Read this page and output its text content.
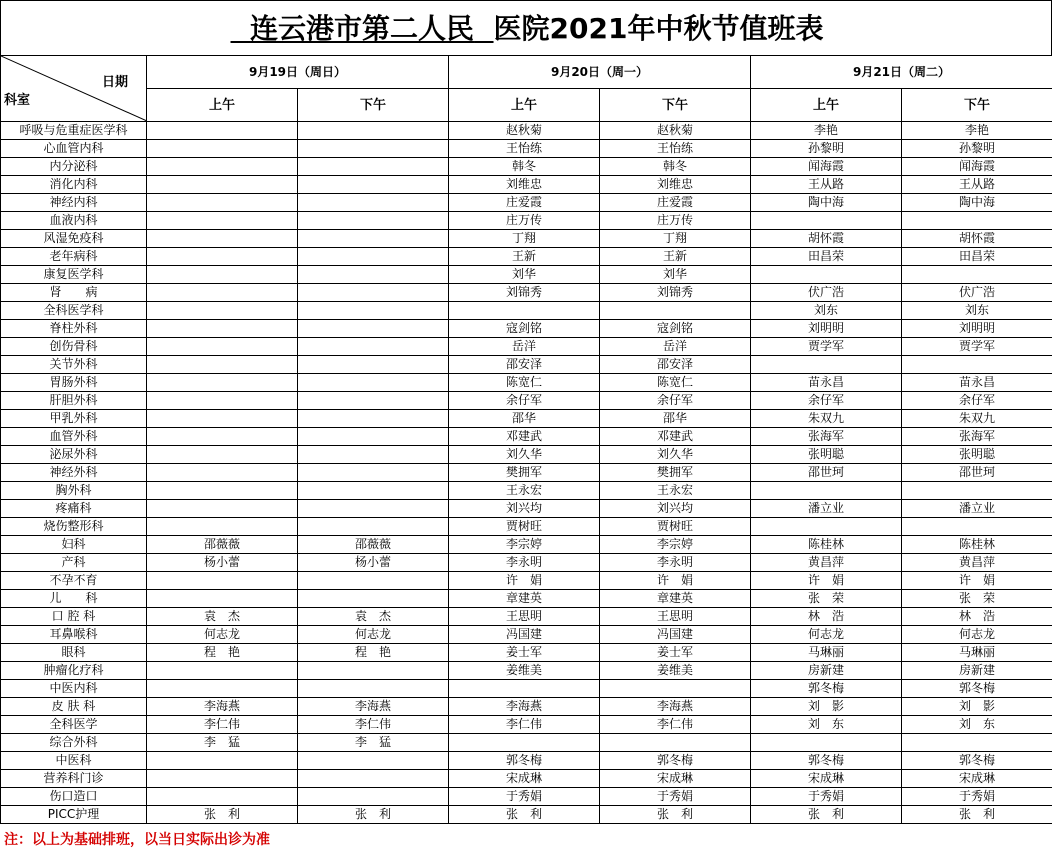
连云港市第二人民 医院2021年中秋节值班表
日期
科室	9月19日（周日）		9月20日（周一）		9月21日（周二）	
	上午	下午	上午	下午	上午	下午
呼吸与危重症医学科			赵秋菊	赵秋菊	李艳	李艳
心血管内科			王怡练	王怡练	孙黎明	孙黎明
内分泌科			韩冬	韩冬	闻海霞	闻海霞
消化内科			刘维忠	刘维忠	王从路	王从路
神经内科			庄爱霞	庄爱霞	陶中海	陶中海
血液内科			庄万传	庄万传		
风湿免疫科			丁翔	丁翔	胡怀霞	胡怀霞
老年病科			王新	王新	田昌荣	田昌荣
康复医学科			刘华	刘华		
肾　　病			刘锦秀	刘锦秀	伏广浩	伏广浩
全科医学科					刘东	刘东
脊柱外科			寇剑铭	寇剑铭	刘明明	刘明明
创伤骨科			岳洋	岳洋	贾学军	贾学军
关节外科			邵安泽	邵安泽		
胃肠外科			陈宽仁	陈宽仁	苗永昌	苗永昌
肝胆外科			余仔军	余仔军	余仔军	余仔军
甲乳外科			邵华	邵华	朱双九	朱双九
血管外科			邓建武	邓建武	张海军	张海军
泌尿外科			刘久华	刘久华	张明聪	张明聪
神经外科			樊拥军	樊拥军	邵世珂	邵世珂
胸外科			王永宏	王永宏		
疼痛科			刘兴均	刘兴均	潘立业	潘立业
烧伤整形科			贾树旺	贾树旺		
妇科	邵薇薇	邵薇薇	李宗婷	李宗婷	陈桂林	陈桂林
产科	杨小蕾	杨小蕾	李永明	李永明	黄昌萍	黄昌萍
不孕不育			许　娟	许　娟	许　娟	许　娟
儿　　科			章建英	章建英	张　荣	张　荣
口 腔 科	袁　杰	袁　杰	王思明	王思明	林　浩	林　浩
耳鼻喉科	何志龙	何志龙	冯国建	冯国建	何志龙	何志龙
眼科	程　艳	程　艳	姜士军	姜士军	马琳丽	马琳丽
肿瘤化疗科			姜维美	姜维美	房新建	房新建
中医内科					郭冬梅	郭冬梅
皮 肤 科	李海燕	李海燕	李海燕	李海燕	刘　影	刘　影
全科医学	李仁伟	李仁伟	李仁伟	李仁伟	刘　东	刘　东
综合外科	李　猛	李　猛				
中医科			郭冬梅	郭冬梅	郭冬梅	郭冬梅
营养科门诊			宋成琳	宋成琳	宋成琳	宋成琳
伤口造口			于秀娟	于秀娟	于秀娟	于秀娟
PICC护理	张　利	张　利	张　利	张　利	张　利	张　利
注：以上为基础排班，以当日实际出诊为准
